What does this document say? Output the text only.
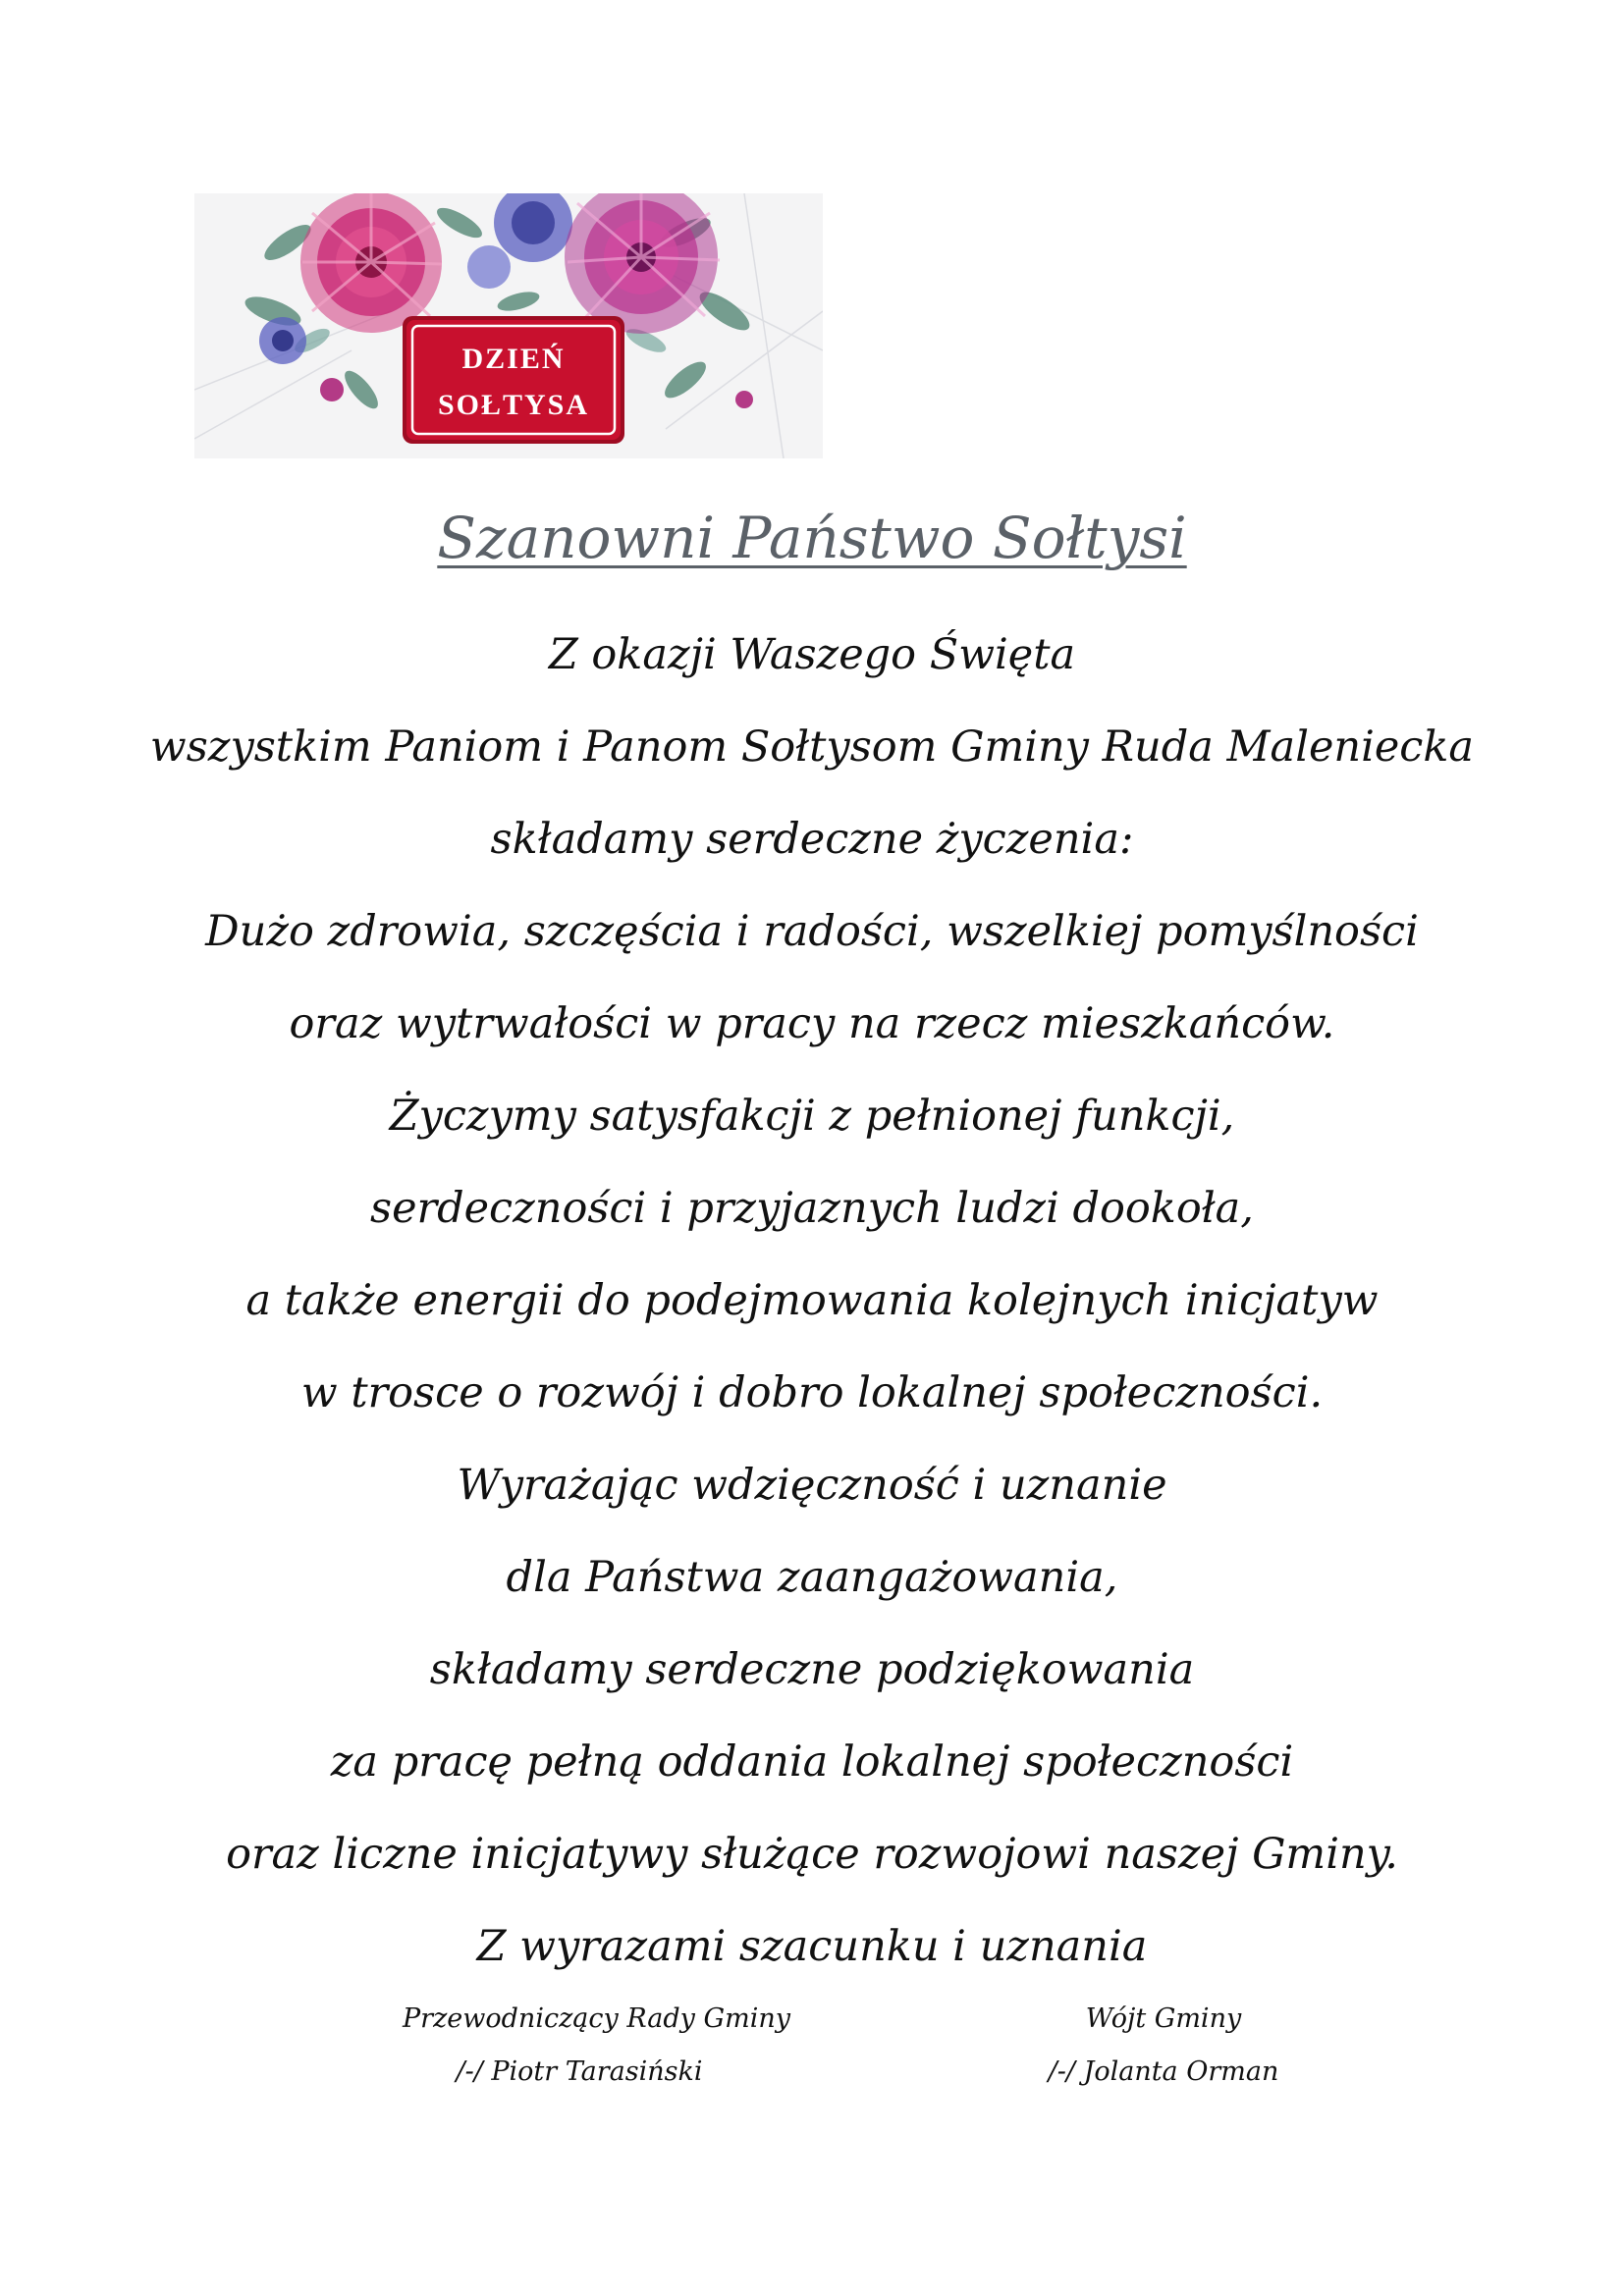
DZIEŃ
SOŁTYSA
Szanowni Państwo Sołtysi
Z okazji Waszego Święta
wszystkim Paniom i Panom Sołtysom Gminy Ruda Maleniecka
składamy serdeczne życzenia:
Dużo zdrowia, szczęścia i radości, wszelkiej pomyślności
oraz wytrwałości w pracy na rzecz mieszkańców.
Życzymy satysfakcji z pełnionej funkcji,
serdeczności i przyjaznych ludzi dookoła,
a także energii do podejmowania kolejnych inicjatyw
w trosce o rozwój i dobro lokalnej społeczności.
Wyrażając wdzięczność i uznanie
dla Państwa zaangażowania,
składamy serdeczne podziękowania
za pracę pełną oddania lokalnej społeczności
oraz liczne inicjatywy służące rozwojowi naszej Gminy.
Z wyrazami szacunku i uznania
Przewodniczący Rady Gminy
/-/ Piotr Tarasiński
Wójt Gminy
/-/ Jolanta Orman
